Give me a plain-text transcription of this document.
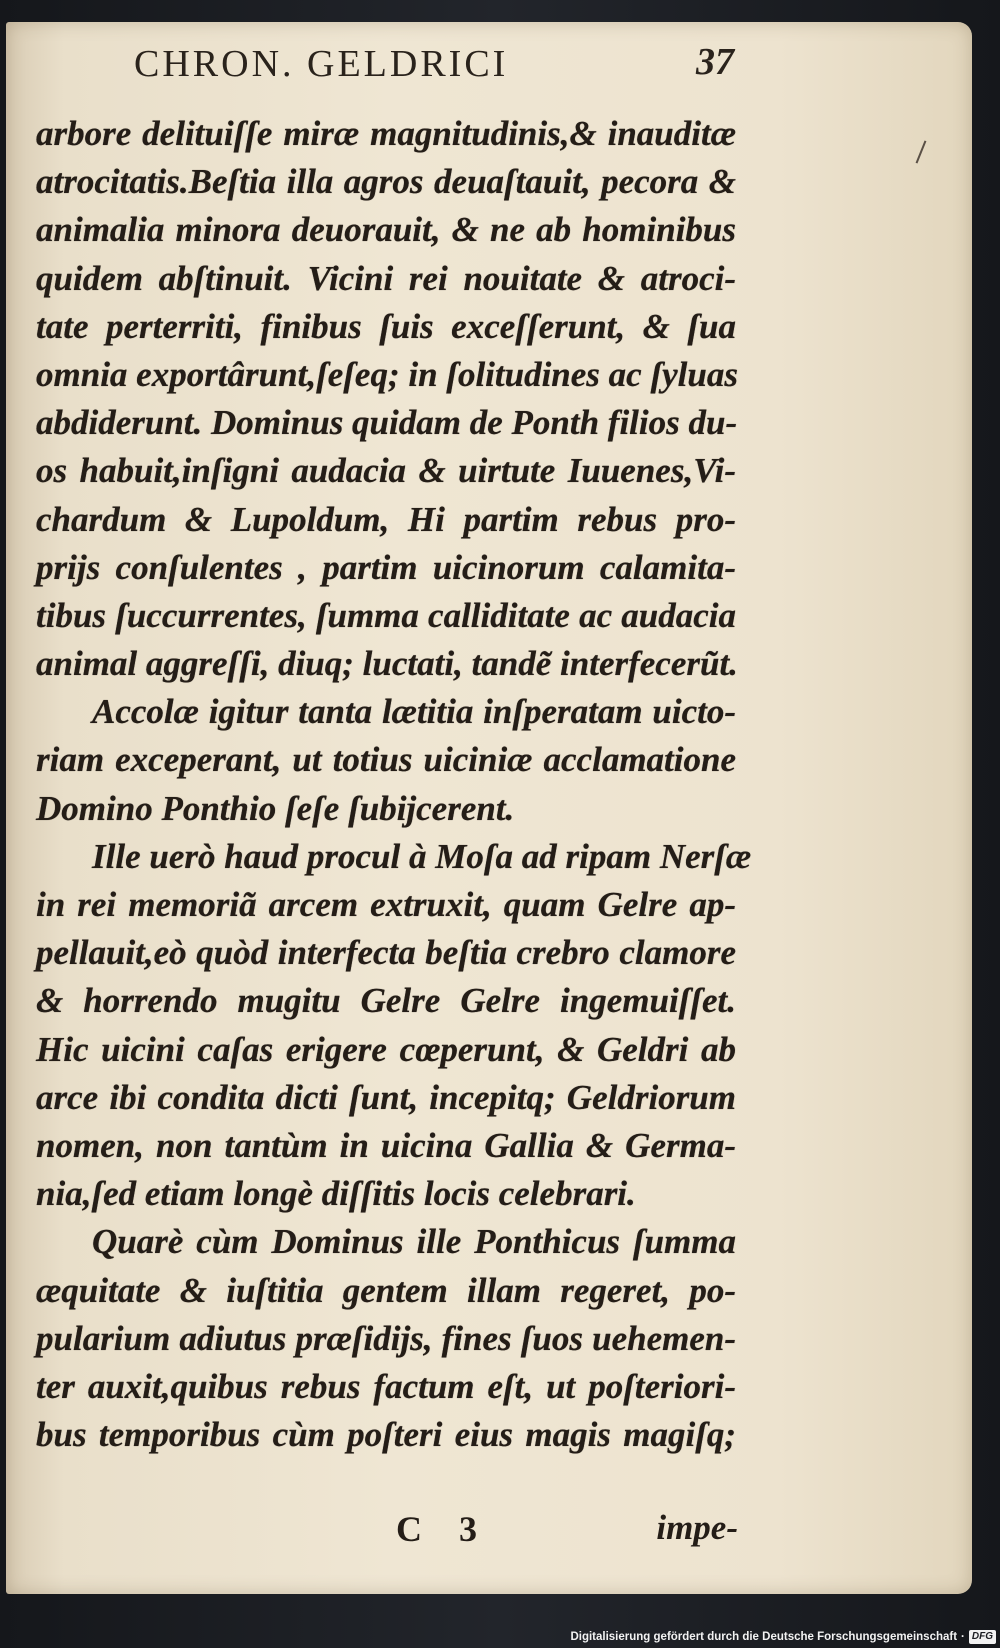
CHRON. GELDRICI	37
arbore delituiſſe miræ magnitudinis,& inauditæ
atrocitatis.Beſtia illa agros deuaſtauit, pecora &
animalia minora deuorauit, & ne ab hominibus
quidem abſtinuit. Vicini rei nouitate & atroci-
tate perterriti, finibus ſuis exceſſerunt, & ſua
omnia exportârunt,ſeſeq; in ſolitudines ac ſyluas
abdiderunt. Dominus quidam de Ponth filios du-
os habuit,inſigni audacia & uirtute Iuuenes,Vi-
chardum & Lupoldum, Hi partim rebus pro-
prijs conſulentes , partim uicinorum calamita-
tibus ſuccurrentes, ſumma calliditate ac audacia
animal aggreſſi, diuq; luctati, tandẽ interfecerũt.
Accolæ igitur tanta lætitia inſperatam uicto-
riam exceperant, ut totius uiciniæ acclamatione
Domino Ponthio ſeſe ſubijcerent.
Ille uerò haud procul à Moſa ad ripam Nerſæ
in rei memoriã arcem extruxit, quam Gelre ap-
pellauit,eò quòd interfecta beſtia crebro clamore
& horrendo mugitu Gelre Gelre ingemuiſſet.
Hic uicini caſas erigere cœperunt, & Geldri ab
arce ibi condita dicti ſunt, incepitq; Geldriorum
nomen, non tantùm in uicina Gallia & Germa-
nia,ſed etiam longè diſſitis locis celebrari.
Quarè cùm Dominus ille Ponthicus ſumma
æquitate & iuſtitia gentem illam regeret, po-
pularium adiutus præſidijs, fines ſuos uehemen-
ter auxit,quibus rebus factum eſt, ut poſteriori-
bus temporibus cùm poſteri eius magis magiſq;
C 3	impe-
Digitalisierung gefördert durch die Deutsche Forschungsgemeinschaft · DFG
